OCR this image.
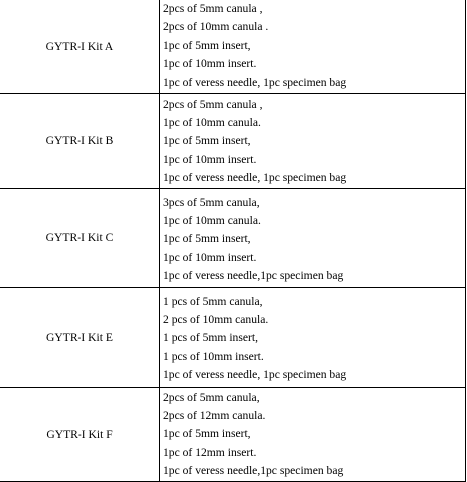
GYTR-I Kit A	2pcs of 5mm canula ,
2pcs of 10mm canula .
1pc of 5mm insert,
1pc of 10mm insert.
1pc of veress needle, 1pc specimen bag

GYTR-I Kit B	2pcs of 5mm canula ,
1pc of 10mm canula.
1pc of 5mm insert,
1pc of 10mm insert.
1pc of veress needle, 1pc specimen bag

GYTR-I Kit C	3pcs of 5mm canula,
1pc of 10mm canula.
1pc of 5mm insert,
1pc of 10mm insert.
1pc of veress needle,1pc specimen bag

GYTR-I Kit E	1 pcs of 5mm canula,
2 pcs of 10mm canula.
1 pcs of 5mm insert,
1 pcs of 10mm insert.
1pc of veress needle, 1pc specimen bag

GYTR-I Kit F	2pcs of 5mm canula,
2pcs of 12mm canula.
1pc of 5mm insert,
1pc of 12mm insert.
1pc of veress needle,1pc specimen bag
